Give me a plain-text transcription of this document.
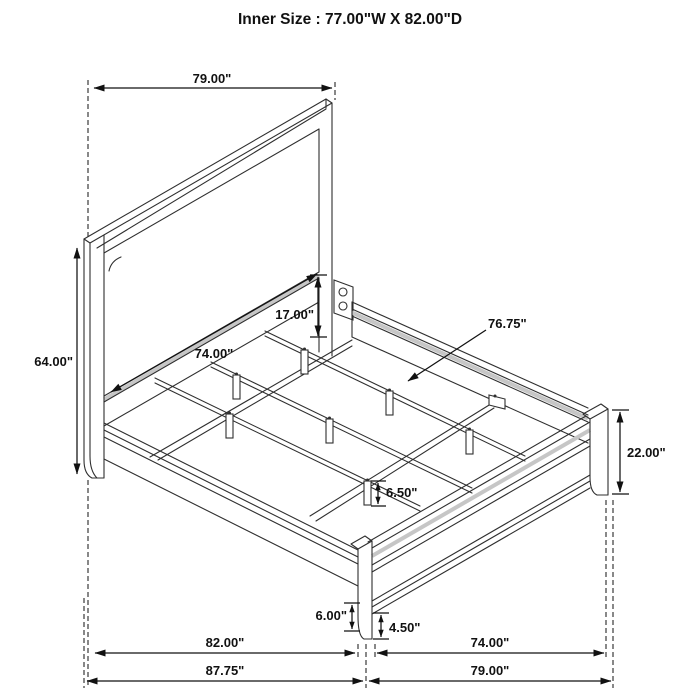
Inner Size : 77.00"W X 82.00"D
79.00"
64.00"
74.00"
17.00"
76.75"
22.00"
6.50"
6.00"
4.50"
82.00"	74.00"
87.75"	79.00"
